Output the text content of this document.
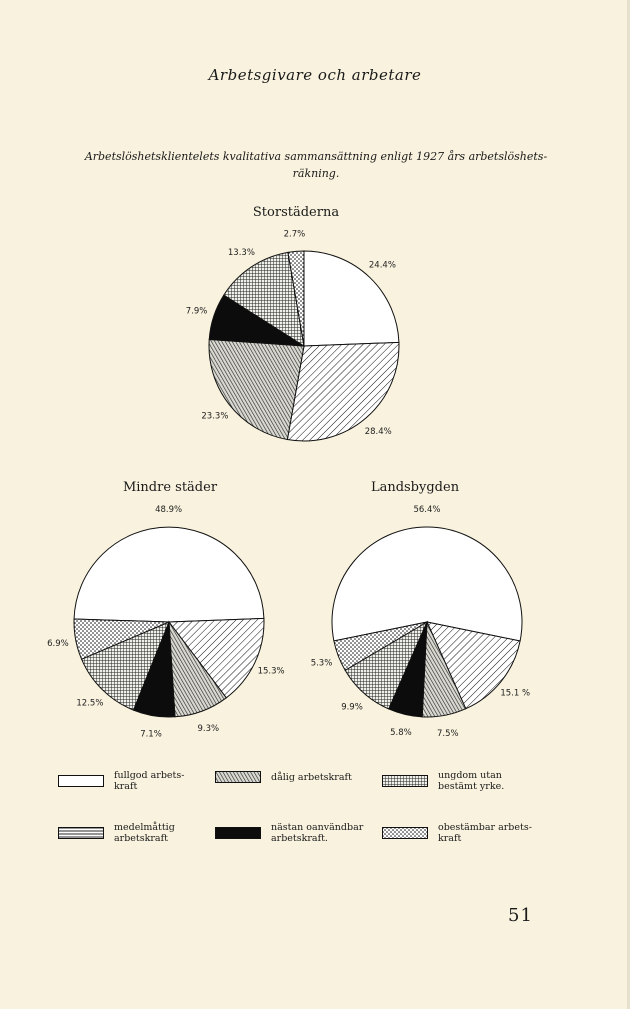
Arbetsgivare och arbetare
Arbetslöshetsklientelets kvalitativa sammansättning enligt 1927 års arbetslöshets-
räkning.
Storstäderna
Mindre städer	Landsbygden
24.4%
28.4%
23.3%
7.9%
13.3%
2.7%
48.9%
15.3%
9.3%
7.1%
12.5%
6.9%
56.4%
15.1 %
7.5%
5.8%
9.9%
5.3%
fullgod arbets-
kraft
dålig arbetskraft	ungdom utan
bestämt yrke.
medelmåttig
arbetskraft
nästan oanvändbar
arbetskraft.
obestämbar arbets-
kraft
51
